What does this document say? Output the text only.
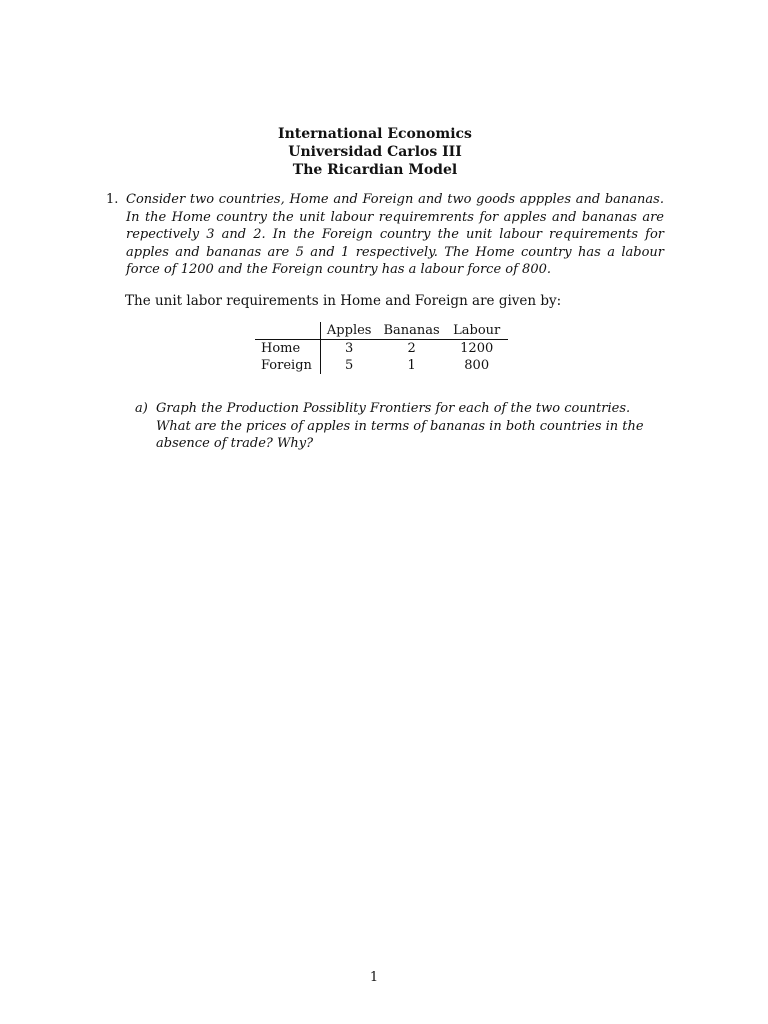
International Economics
Universidad Carlos III
The Ricardian Model
1. Consider two countries, Home and Foreign and two goods appples and bananas. In the Home country the unit labour requiremrents for apples and bananas are repectively 3 and 2. In the Foreign country the unit labour requirements for apples and bananas are 5 and 1 respectively. The Home country has a labour force of 1200 and the Foreign country has a labour force of 800.
The unit labor requirements in Home and Foreign are given by:
	Apples	Bananas	Labour
Home	3	2	1200
Foreign	5	1	800
a) Graph the Production Possiblity Frontiers for each of the two countries.
What are the prices of apples in terms of bananas in both countries in the absence of trade? Why?
1
